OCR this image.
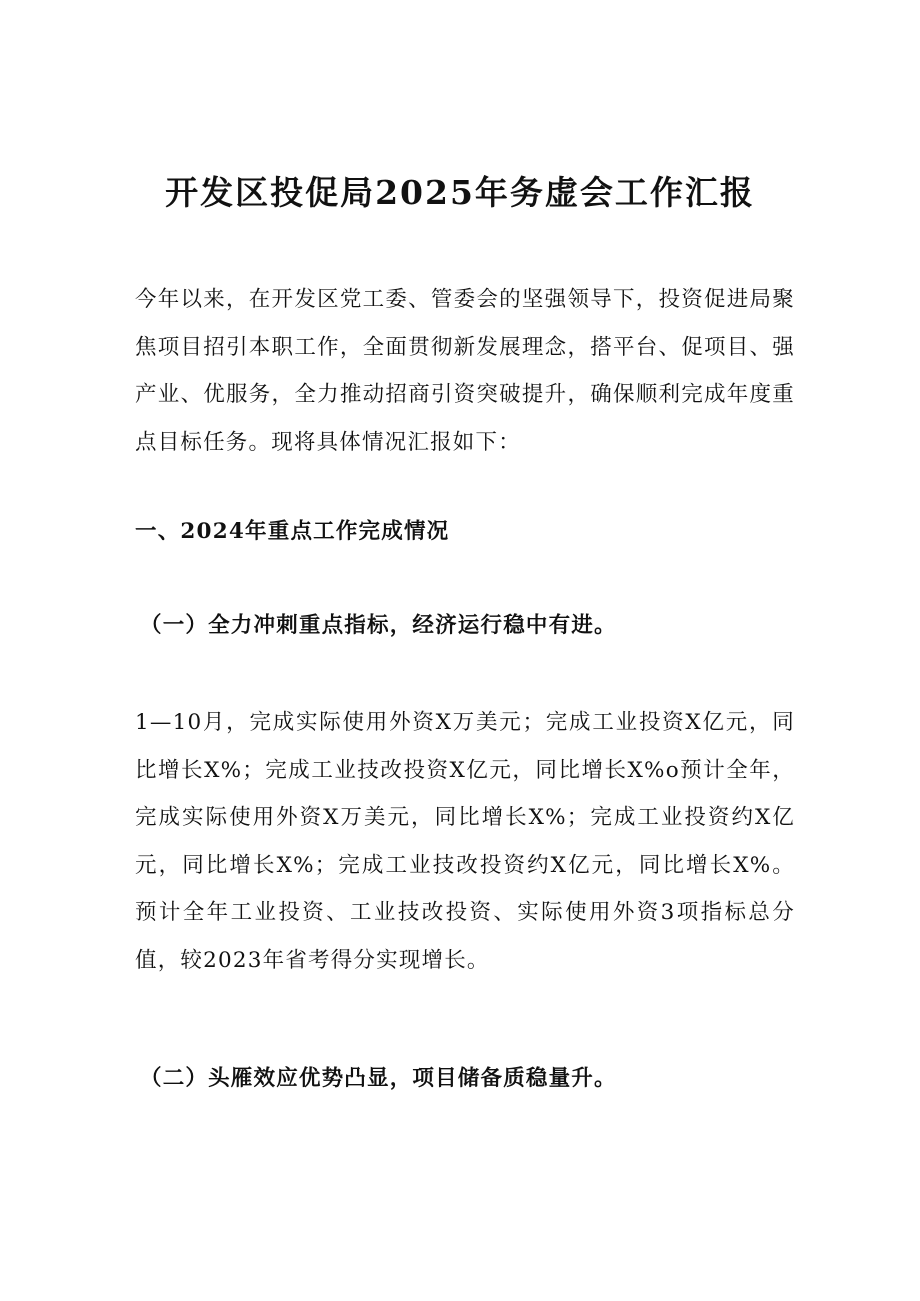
开发区投促局2025年务虚会工作汇报

今年以来，在开发区党工委、管委会的坚强领导下，投资促进局聚焦项目招引本职工作，全面贯彻新发展理念，搭平台、促项目、强产业、优服务，全力推动招商引资突破提升，确保顺利完成年度重点目标任务。现将具体情况汇报如下：

一、2024年重点工作完成情况
（一）全力冲刺重点指标，经济运行稳中有进。

1—10月，完成实际使用外资X万美元；完成工业投资X亿元，同比增长X%；完成工业技改投资X亿元，同比增长X%o预计全年，完成实际使用外资X万美元，同比增长X%；完成工业投资约X亿元，同比增长X%；完成工业技改投资约X亿元，同比增长X%。预计全年工业投资、工业技改投资、实际使用外资3项指标总分值，较2023年省考得分实现增长。

（二）头雁效应优势凸显，项目储备质稳量升。
